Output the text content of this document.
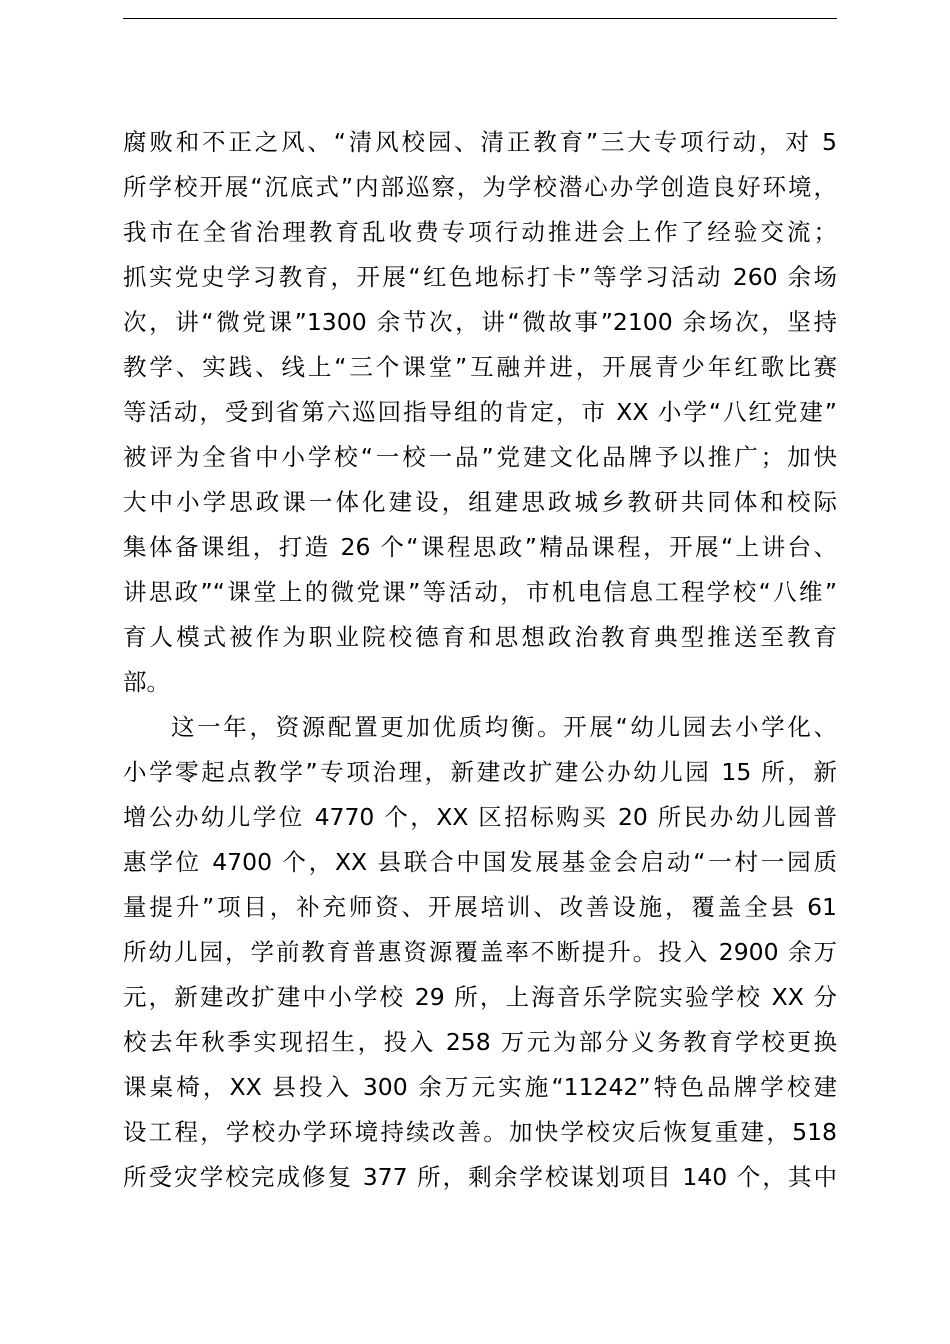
腐败和不正之风、“清风校园、清正教育”三大专项行动，对 5
所学校开展“沉底式”内部巡察，为学校潜心办学创造良好环境，
我市在全省治理教育乱收费专项行动推进会上作了经验交流；
抓实党史学习教育，开展“红色地标打卡”等学习活动 260 余场
次，讲“微党课”1300 余节次，讲“微故事”2100 余场次，坚持
教学、实践、线上“三个课堂”互融并进，开展青少年红歌比赛
等活动，受到省第六巡回指导组的肯定，市 XX 小学“八红党建”
被评为全省中小学校“一校一品”党建文化品牌予以推广；加快
大中小学思政课一体化建设，组建思政城乡教研共同体和校际
集体备课组，打造 26 个“课程思政”精品课程，开展“上讲台、
讲思政”“课堂上的微党课”等活动，市机电信息工程学校“八维”
育人模式被作为职业院校德育和思想政治教育典型推送至教育
部。
这一年，资源配置更加优质均衡。开展“幼儿园去小学化、
小学零起点教学”专项治理，新建改扩建公办幼儿园 15 所，新
增公办幼儿学位 4770 个，XX 区招标购买 20 所民办幼儿园普
惠学位 4700 个，XX 县联合中国发展基金会启动“一村一园质
量提升”项目，补充师资、开展培训、改善设施，覆盖全县 61
所幼儿园，学前教育普惠资源覆盖率不断提升。投入 2900 余万
元，新建改扩建中小学校 29 所，上海音乐学院实验学校 XX 分
校去年秋季实现招生，投入 258 万元为部分义务教育学校更换
课桌椅，XX 县投入 300 余万元实施“11242”特色品牌学校建
设工程，学校办学环境持续改善。加快学校灾后恢复重建，518
所受灾学校完成修复 377 所，剩余学校谋划项目 140 个，其中
